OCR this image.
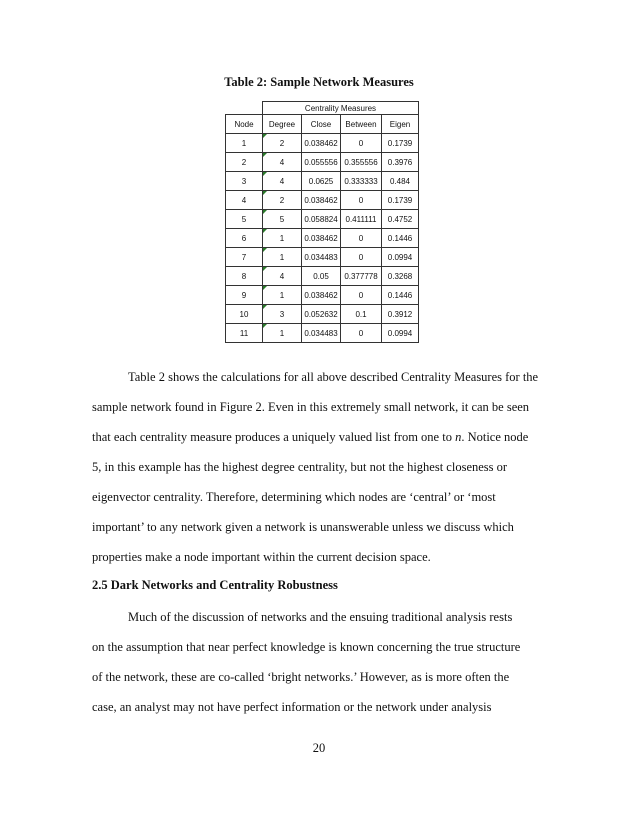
Table 2: Sample Network Measures
	Centrality Measures			
Node	Degree	Close	Between	Eigen
1	2	0.038462	0	0.1739
2	4	0.055556	0.355556	0.3976
3	4	0.0625	0.333333	0.484
4	2	0.038462	0	0.1739
5	5	0.058824	0.411111	0.4752
6	1	0.038462	0	0.1446
7	1	0.034483	0	0.0994
8	4	0.05	0.377778	0.3268
9	1	0.038462	0	0.1446
10	3	0.052632	0.1	0.3912
11	1	0.034483	0	0.0994

Table 2 shows the calculations for all above described Centrality Measures for the
sample network found in Figure 2. Even in this extremely small network, it can be seen
that each centrality measure produces a uniquely valued list from one to n. Notice node
5, in this example has the highest degree centrality, but not the highest closeness or
eigenvector centrality. Therefore, determining which nodes are ‘central’ or ‘most
important’ to any network given a network is unanswerable unless we discuss which
properties make a node important within the current decision space.

2.5 Dark Networks and Centrality Robustness

Much of the discussion of networks and the ensuing traditional analysis rests
on the assumption that near perfect knowledge is known concerning the true structure
of the network, these are co-called ‘bright networks.’ However, as is more often the
case, an analyst may not have perfect information or the network under analysis

20
